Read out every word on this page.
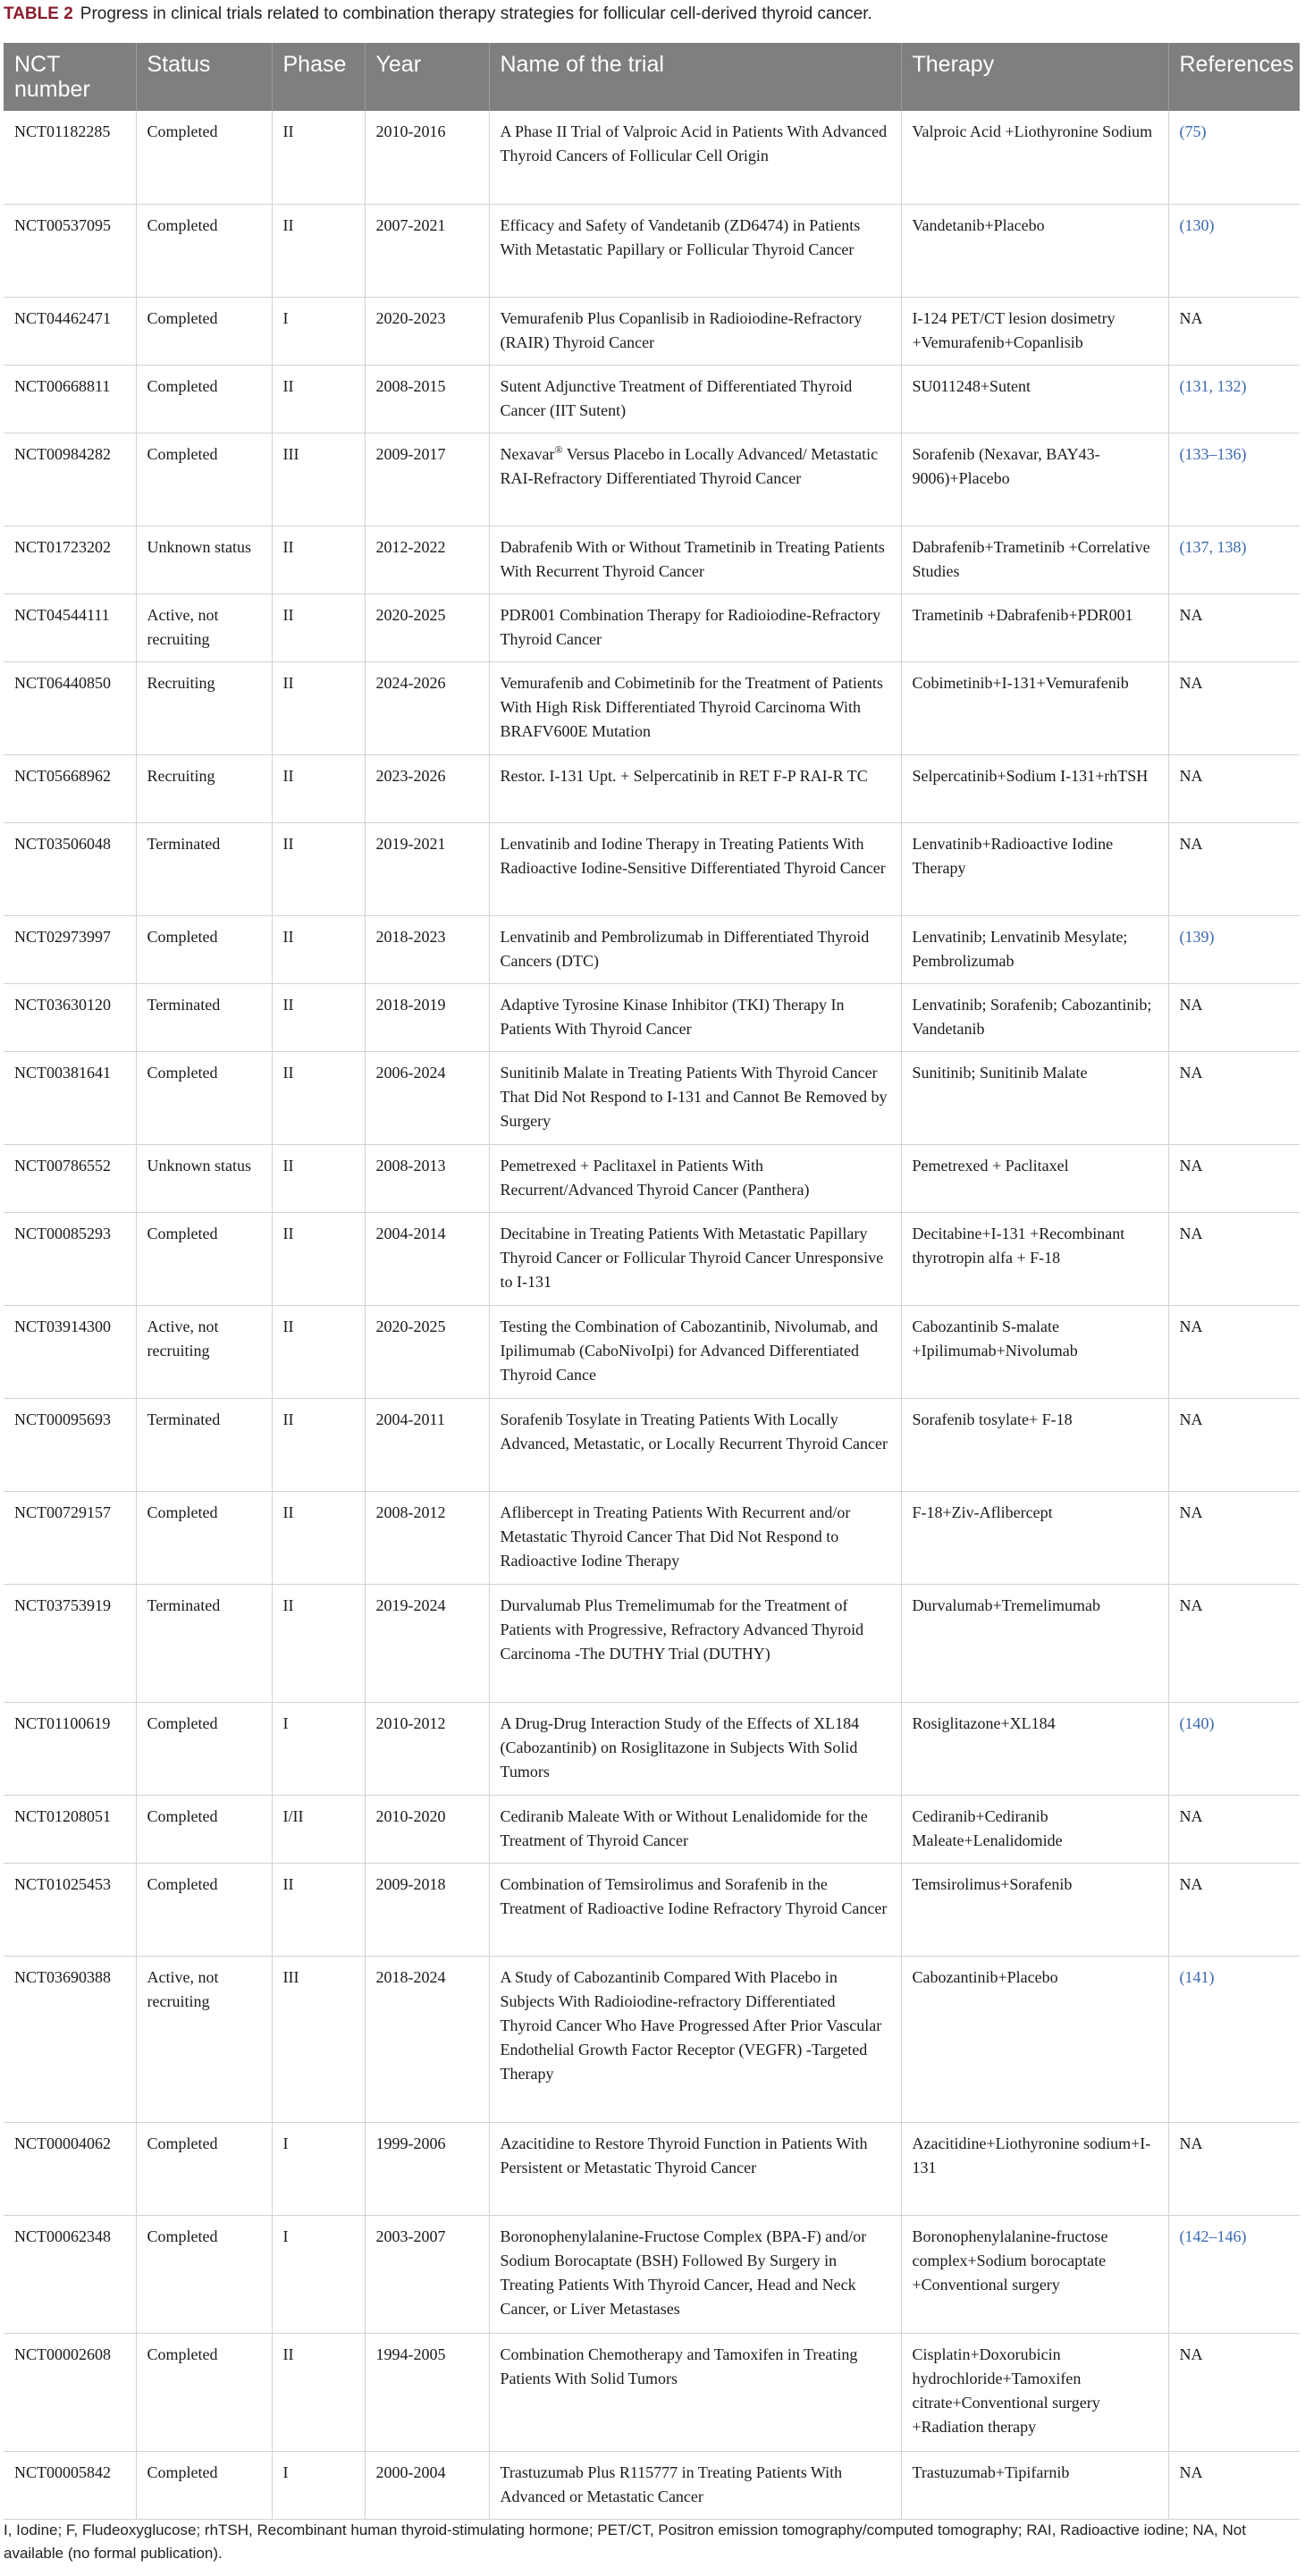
TABLE 2 Progress in clinical trials related to combination therapy strategies for follicular cell-derived thyroid cancer.
NCT number	Status	Phase	Year	Name of the trial	Therapy	References
NCT01182285	Completed	II	2010-2016	A Phase II Trial of Valproic Acid in Patients With Advanced Thyroid Cancers of Follicular Cell Origin	Valproic Acid +Liothyronine Sodium	(75)
NCT00537095	Completed	II	2007-2021	Efficacy and Safety of Vandetanib (ZD6474) in Patients With Metastatic Papillary or Follicular Thyroid Cancer	Vandetanib+Placebo	(130)
NCT04462471	Completed	I	2020-2023	Vemurafenib Plus Copanlisib in Radioiodine-Refractory (RAIR) Thyroid Cancer	I-124 PET/CT lesion dosimetry +Vemurafenib+Copanlisib	NA
NCT00668811	Completed	II	2008-2015	Sutent Adjunctive Treatment of Differentiated Thyroid Cancer (IIT Sutent)	SU011248+Sutent	(131, 132)
NCT00984282	Completed	III	2009-2017	Nexavar® Versus Placebo in Locally Advanced/ Metastatic RAI-Refractory Differentiated Thyroid Cancer	Sorafenib (Nexavar, BAY43-9006)+Placebo	(133–136)
NCT01723202	Unknown status	II	2012-2022	Dabrafenib With or Without Trametinib in Treating Patients With Recurrent Thyroid Cancer	Dabrafenib+Trametinib +Correlative Studies	(137, 138)
NCT04544111	Active, not recruiting	II	2020-2025	PDR001 Combination Therapy for Radioiodine-Refractory Thyroid Cancer	Trametinib +Dabrafenib+PDR001	NA
NCT06440850	Recruiting	II	2024-2026	Vemurafenib and Cobimetinib for the Treatment of Patients With High Risk Differentiated Thyroid Carcinoma With BRAFV600E Mutation	Cobimetinib+I-131+Vemurafenib	NA
NCT05668962	Recruiting	II	2023-2026	Restor. I-131 Upt. + Selpercatinib in RET F-P RAI-R TC	Selpercatinib+Sodium I-131+rhTSH	NA
NCT03506048	Terminated	II	2019-2021	Lenvatinib and Iodine Therapy in Treating Patients With Radioactive Iodine-Sensitive Differentiated Thyroid Cancer	Lenvatinib+Radioactive Iodine Therapy	NA
NCT02973997	Completed	II	2018-2023	Lenvatinib and Pembrolizumab in Differentiated Thyroid Cancers (DTC)	Lenvatinib; Lenvatinib Mesylate; Pembrolizumab	(139)
NCT03630120	Terminated	II	2018-2019	Adaptive Tyrosine Kinase Inhibitor (TKI) Therapy In Patients With Thyroid Cancer	Lenvatinib; Sorafenib; Cabozantinib; Vandetanib	NA
NCT00381641	Completed	II	2006-2024	Sunitinib Malate in Treating Patients With Thyroid Cancer That Did Not Respond to I-131 and Cannot Be Removed by Surgery	Sunitinib; Sunitinib Malate	NA
NCT00786552	Unknown status	II	2008-2013	Pemetrexed + Paclitaxel in Patients With Recurrent/Advanced Thyroid Cancer (Panthera)	Pemetrexed + Paclitaxel	NA
NCT00085293	Completed	II	2004-2014	Decitabine in Treating Patients With Metastatic Papillary Thyroid Cancer or Follicular Thyroid Cancer Unresponsive to I-131	Decitabine+I-131 +Recombinant thyrotropin alfa + F-18	NA
NCT03914300	Active, not recruiting	II	2020-2025	Testing the Combination of Cabozantinib, Nivolumab, and Ipilimumab (CaboNivoIpi) for Advanced Differentiated Thyroid Cance	Cabozantinib S-malate +Ipilimumab+Nivolumab	NA
NCT00095693	Terminated	II	2004-2011	Sorafenib Tosylate in Treating Patients With Locally Advanced, Metastatic, or Locally Recurrent Thyroid Cancer	Sorafenib tosylate+ F-18	NA
NCT00729157	Completed	II	2008-2012	Aflibercept in Treating Patients With Recurrent and/or Metastatic Thyroid Cancer That Did Not Respond to Radioactive Iodine Therapy	F-18+Ziv-Aflibercept	NA
NCT03753919	Terminated	II	2019-2024	Durvalumab Plus Tremelimumab for the Treatment of Patients with Progressive, Refractory Advanced Thyroid Carcinoma -The DUTHY Trial (DUTHY)	Durvalumab+Tremelimumab	NA
NCT01100619	Completed	I	2010-2012	A Drug-Drug Interaction Study of the Effects of XL184 (Cabozantinib) on Rosiglitazone in Subjects With Solid Tumors	Rosiglitazone+XL184	(140)
NCT01208051	Completed	I/II	2010-2020	Cediranib Maleate With or Without Lenalidomide for the Treatment of Thyroid Cancer	Cediranib+Cediranib Maleate+Lenalidomide	NA
NCT01025453	Completed	II	2009-2018	Combination of Temsirolimus and Sorafenib in the Treatment of Radioactive Iodine Refractory Thyroid Cancer	Temsirolimus+Sorafenib	NA
NCT03690388	Active, not recruiting	III	2018-2024	A Study of Cabozantinib Compared With Placebo in Subjects With Radioiodine-refractory Differentiated Thyroid Cancer Who Have Progressed After Prior Vascular Endothelial Growth Factor Receptor (VEGFR) -Targeted Therapy	Cabozantinib+Placebo	(141)
NCT00004062	Completed	I	1999-2006	Azacitidine to Restore Thyroid Function in Patients With Persistent or Metastatic Thyroid Cancer	Azacitidine+Liothyronine sodium+I-131	NA
NCT00062348	Completed	I	2003-2007	Boronophenylalanine-Fructose Complex (BPA-F) and/or Sodium Borocaptate (BSH) Followed By Surgery in Treating Patients With Thyroid Cancer, Head and Neck Cancer, or Liver Metastases	Boronophenylalanine-fructose complex+Sodium borocaptate +Conventional surgery	(142–146)
NCT00002608	Completed	II	1994-2005	Combination Chemotherapy and Tamoxifen in Treating Patients With Solid Tumors	Cisplatin+Doxorubicin hydrochloride+Tamoxifen citrate+Conventional surgery +Radiation therapy	NA
NCT00005842	Completed	I	2000-2004	Trastuzumab Plus R115777 in Treating Patients With Advanced or Metastatic Cancer	Trastuzumab+Tipifarnib	NA
I, Iodine; F, Fludeoxyglucose; rhTSH, Recombinant human thyroid-stimulating hormone; PET/CT, Positron emission tomography/computed tomography; RAI, Radioactive iodine; NA, Not available (no formal publication).
